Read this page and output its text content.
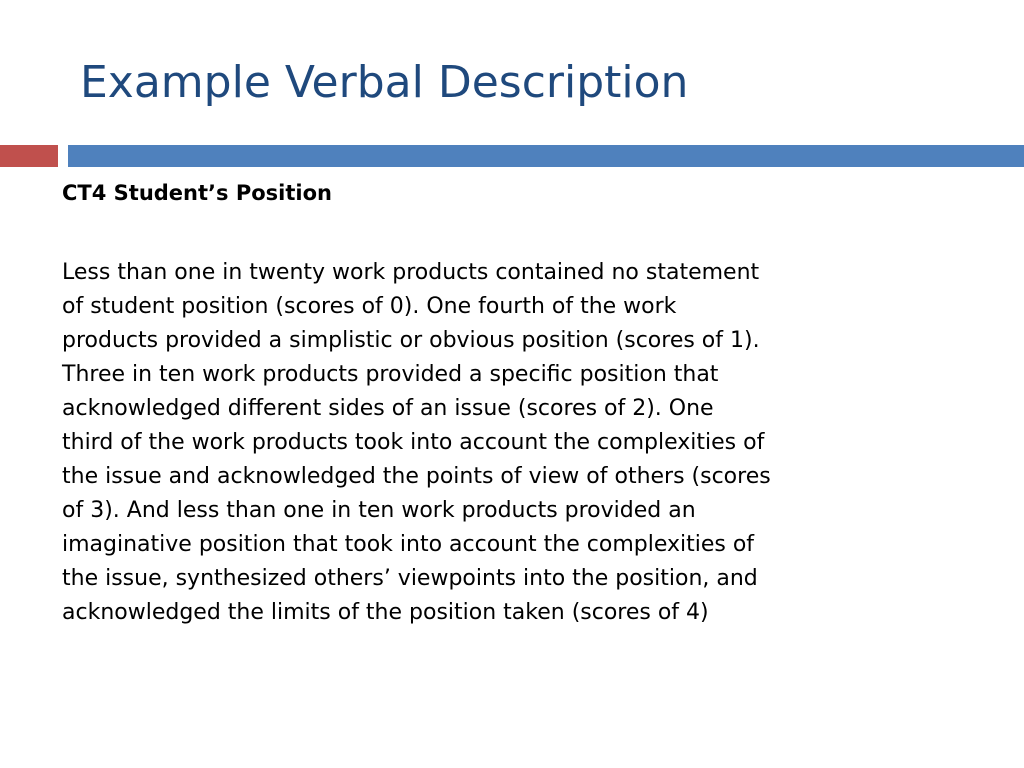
Example Verbal Description
CT4 Student’s Position
Less than one in twenty work products contained no statement
of student position (scores of 0). One fourth of the work
products provided a simplistic or obvious position (scores of 1).
Three in ten work products provided a specific position that
acknowledged different sides of an issue (scores of 2). One
third of the work products took into account the complexities of
the issue and acknowledged the points of view of others (scores
of 3). And less than one in ten work products provided an
imaginative position that took into account the complexities of
the issue, synthesized others’ viewpoints into the position, and
acknowledged the limits of the position taken (scores of 4)
